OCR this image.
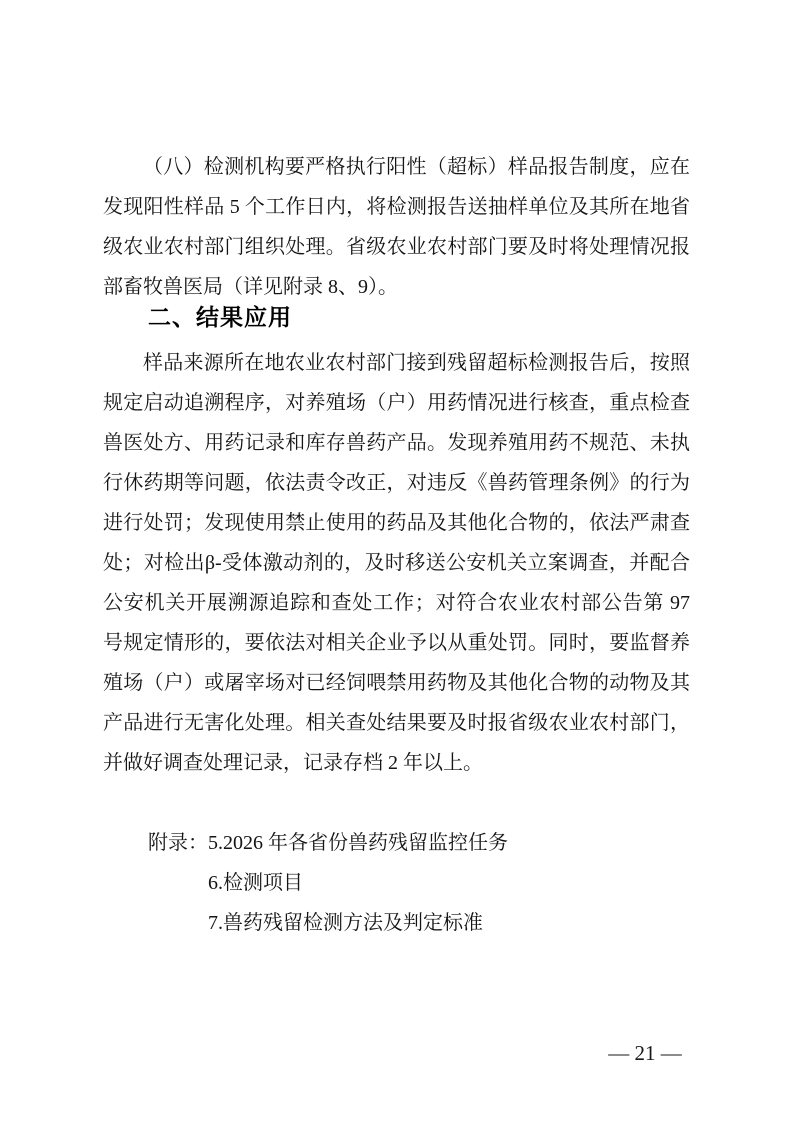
（八）检测机构要严格执行阳性（超标）样品报告制度，应在
发现阳性样品 5 个工作日内，将检测报告送抽样单位及其所在地省
级农业农村部门组织处理。省级农业农村部门要及时将处理情况报
部畜牧兽医局（详见附录 8、9）。
二、结果应用
样品来源所在地农业农村部门接到残留超标检测报告后，按照
规定启动追溯程序，对养殖场（户）用药情况进行核查，重点检查
兽医处方、用药记录和库存兽药产品。发现养殖用药不规范、未执
行休药期等问题，依法责令改正，对违反《兽药管理条例》的行为
进行处罚；发现使用禁止使用的药品及其他化合物的，依法严肃查
处；对检出β-受体激动剂的，及时移送公安机关立案调查，并配合
公安机关开展溯源追踪和查处工作；对符合农业农村部公告第 97
号规定情形的，要依法对相关企业予以从重处罚。同时，要监督养
殖场（户）或屠宰场对已经饲喂禁用药物及其他化合物的动物及其
产品进行无害化处理。相关查处结果要及时报省级农业农村部门，
并做好调查处理记录，记录存档 2 年以上。
附录： 5.2026 年各省份兽药残留监控任务
6.检测项目
7.兽药残留检测方法及判定标准
— 21 —
